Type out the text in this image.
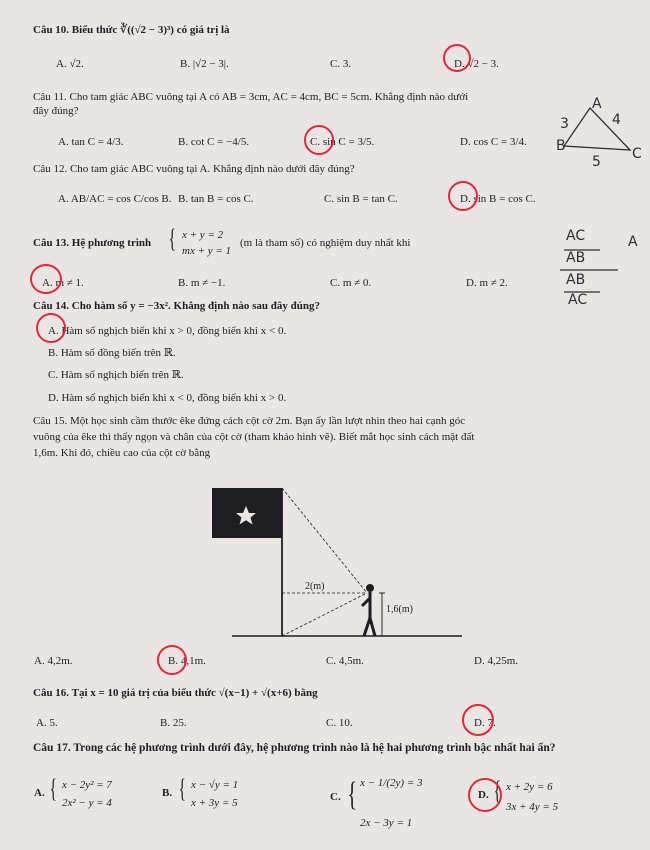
Câu 10. Biểu thức ∛((√2 − 3)³) có giá trị là
A. √2.	B. |√2 − 3|.	C. 3.	D. √2 − 3.
Câu 11. Cho tam giác ABC vuông tại A có AB = 3cm, AC = 4cm, BC = 5cm. Khẳng định nào dưới
đây đúng?
A. tan C = 4/3.	B. cot C = −4/5.	C. sin C = 3/5.	D. cos C = 3/4.
A
B	C
3	4
5
Câu 12. Cho tam giác ABC vuông tại A. Khẳng định nào dưới đây đúng?
A. AB/AC = cos C/cos B. B. tan B = cos C.	C. sin B = tan C.	D. sin B = cos C.
Câu 13. Hệ phương trình { x + y = 2
mx + y = 1
(m là tham số) có nghiệm duy nhất khi
A. m ≠ 1.	B. m ≠ −1.	C. m ≠ 0.	D. m ≠ 2.
AC	A
AB
AB
AC
Câu 14. Cho hàm số y = −3x². Khẳng định nào sau đây đúng?
A. Hàm số nghịch biến khi x > 0, đồng biến khi x < 0.
B. Hàm số đồng biến trên ℝ.
C. Hàm số nghịch biến trên ℝ.
D. Hàm số nghịch biến khi x < 0, đồng biến khi x > 0.
Câu 15. Một học sinh cầm thước êke đứng cách cột cờ 2m. Bạn ấy lần lượt nhìn theo hai cạnh góc
vuông của êke thì thấy ngọn và chân của cột cờ (tham khảo hình vẽ). Biết mắt học sinh cách mặt đất
1,6m. Khi đó, chiều cao của cột cờ bằng
2(m)
1,6(m)
A. 4,2m.	B. 4,1m.	C. 4,5m.	D. 4,25m.
Câu 16. Tại x = 10 giá trị của biểu thức √(x−1) + √(x+6) bằng
A. 5.	B. 25.	C. 10.	D. 7.
Câu 17. Trong các hệ phương trình dưới đây, hệ phương trình nào là hệ hai phương trình bậc nhất hai ẩn?
A. { x − 2y² = 7
2x² − y = 4
B. { x − √y = 1
x + 3y = 5	C. { x − 1/(2y) = 3
2x − 3y = 1
D. { x + 2y = 6
3x + 4y = 5
